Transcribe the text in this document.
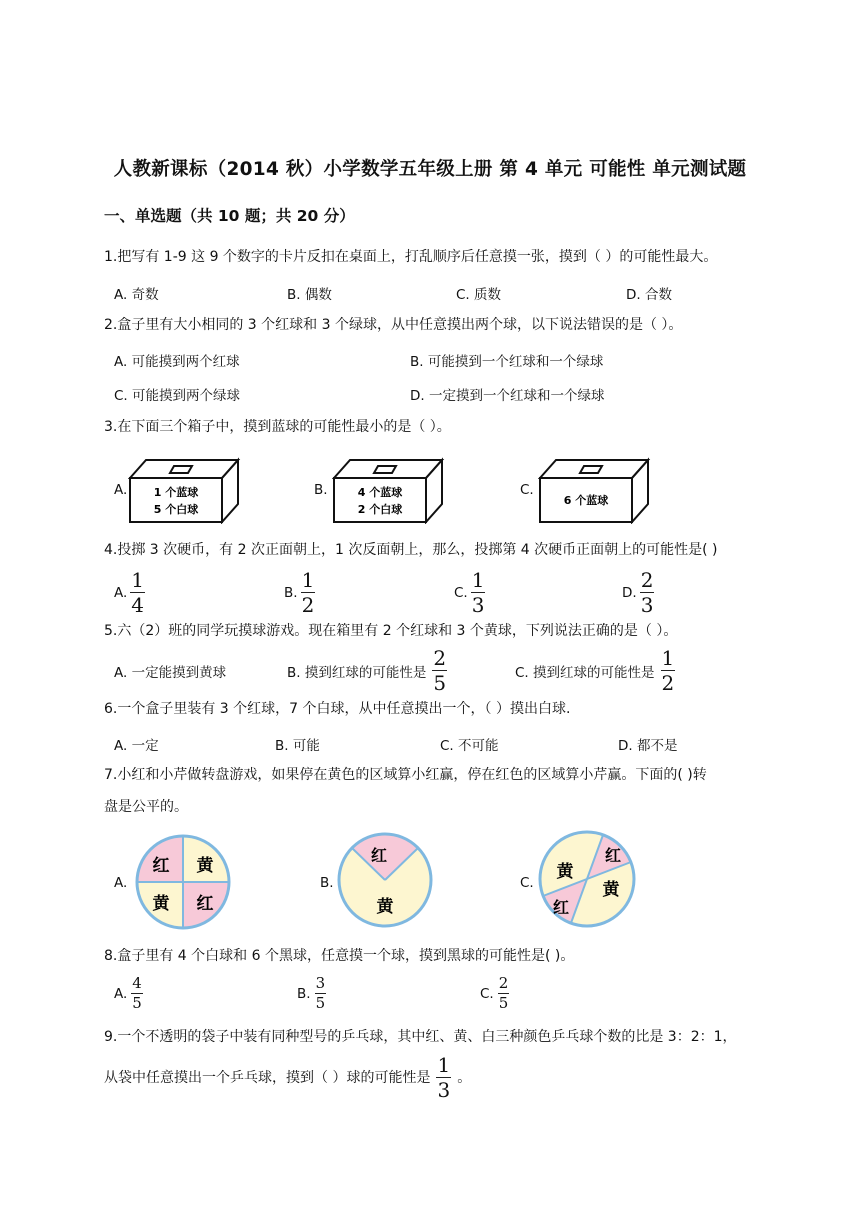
人教新课标（2014 秋）小学数学五年级上册 第 4 单元 可能性 单元测试题
一、单选题（共 10 题；共 20 分）
1.把写有 1-9 这 9 个数字的卡片反扣在桌面上，打乱顺序后任意摸一张，摸到（ ）的可能性最大。
A. 奇数	B. 偶数	C. 质数	D. 合数
2.盒子里有大小相同的 3 个红球和 3 个绿球，从中任意摸出两个球，以下说法错误的是（ ）。
A. 可能摸到两个红球	B. 可能摸到一个红球和一个绿球
C. 可能摸到两个绿球	D. 一定摸到一个红球和一个绿球
3.在下面三个箱子中，摸到蓝球的可能性最小的是（ ）。
A.	B.	C.
1 个蓝球
5 个白球
4 个蓝球
2 个白球
6 个蓝球
4.投掷 3 次硬币，有 2 次正面朝上，1 次反面朝上，那么，投掷第 4 次硬币正面朝上的可能性是( )
A. $\frac{1}{4}$	B. $\frac{1}{2}$	C. $\frac{1}{3}$	D. $\frac{2}{3}$
5.六（2）班的同学玩摸球游戏。现在箱里有 2 个红球和 3 个黄球，下列说法正确的是（ ）。
A. 一定能摸到黄球	B. 摸到红球的可能性是 $\frac{2}{5}$	C. 摸到红球的可能性是 $\frac{1}{2}$
6.一个盒子里装有 3 个红球，7 个白球，从中任意摸出一个，（ ）摸出白球.
A. 一定	B. 可能	C. 不可能	D. 都不是
7.小红和小芹做转盘游戏，如果停在黄色的区域算小红赢，停在红色的区域算小芹赢。下面的( )转
盘是公平的。
A.	B.	C.
红 黄
黄 红
红
黄
红
黄
黄
红
8.盒子里有 4 个白球和 6 个黑球，任意摸一个球，摸到黑球的可能性是( )。
A. $\frac{4}{5}$	B. $\frac{3}{5}$	C. $\frac{2}{5}$
9.一个不透明的袋子中装有同种型号的乒乓球，其中红、黄、白三种颜色乒乓球个数的比是 3：2：1，
从袋中任意摸出一个乒乓球，摸到（ ）球的可能性是 $\frac{1}{3}$ 。
